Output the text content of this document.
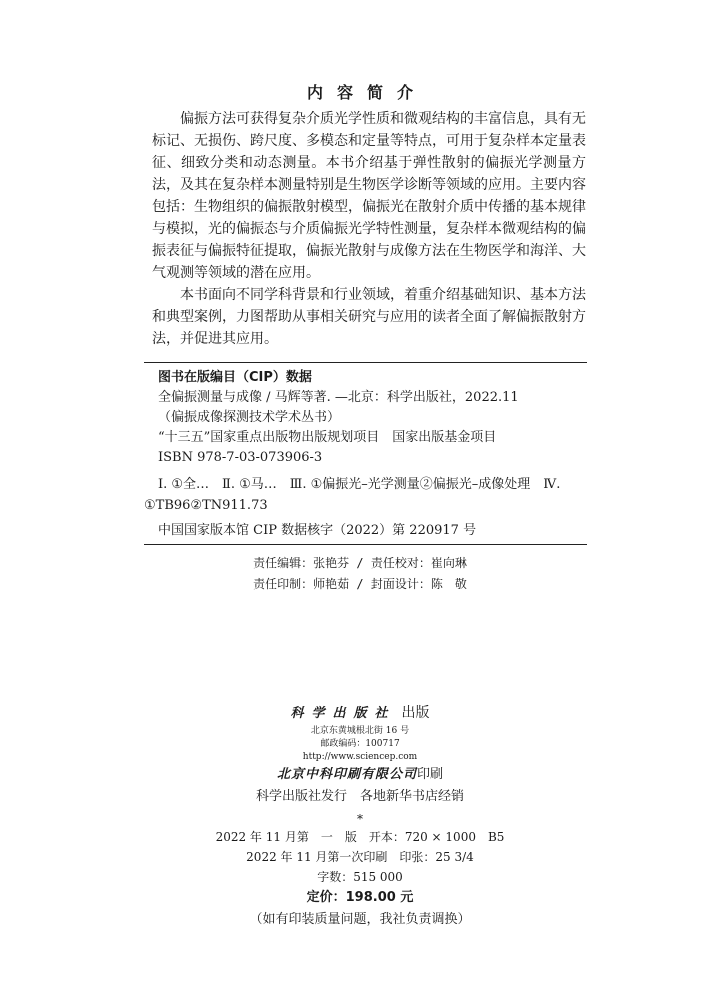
内容简介

偏振方法可获得复杂介质光学性质和微观结构的丰富信息，具有无标记、无损伤、跨尺度、多模态和定量等特点，可用于复杂样本定量表征、细致分类和动态测量。本书介绍基于弹性散射的偏振光学测量方法，及其在复杂样本测量特别是生物医学诊断等领域的应用。主要内容包括：生物组织的偏振散射模型，偏振光在散射介质中传播的基本规律与模拟，光的偏振态与介质偏振光学特性测量，复杂样本微观结构的偏振表征与偏振特征提取，偏振光散射与成像方法在生物医学和海洋、大气观测等领域的潜在应用。

本书面向不同学科背景和行业领域，着重介绍基础知识、基本方法和典型案例，力图帮助从事相关研究与应用的读者全面了解偏振散射方法，并促进其应用。

图书在版编目（CIP）数据
全偏振测量与成像 / 马辉等著. —北京：科学出版社，2022.11
（偏振成像探测技术学术丛书）
“十三五”国家重点出版物出版规划项目　国家出版基金项目
ISBN 978-7-03-073906-3
Ⅰ. ①全…　Ⅱ. ①马…　Ⅲ. ①偏振光–光学测量②偏振光–成像处理　Ⅳ. ①TB96②TN911.73
中国国家版本馆 CIP 数据核字（2022）第 220917 号
责任编辑：张艳芬 / 责任校对：崔向琳
责任印制：师艳茹 / 封面设计：陈　敬
科学出版社 出版
北京东黄城根北街 16 号
邮政编码：100717
http://www.sciencep.com
北京中科印刷有限公司印刷
科学出版社发行　各地新华书店经销
*
2022 年 11 月第　一　版　开本：720 × 1000　B5
2022 年 11 月第一次印刷　印张：25 3/4
字数：515 000
定价：198.00 元
（如有印装质量问题，我社负责调换）
